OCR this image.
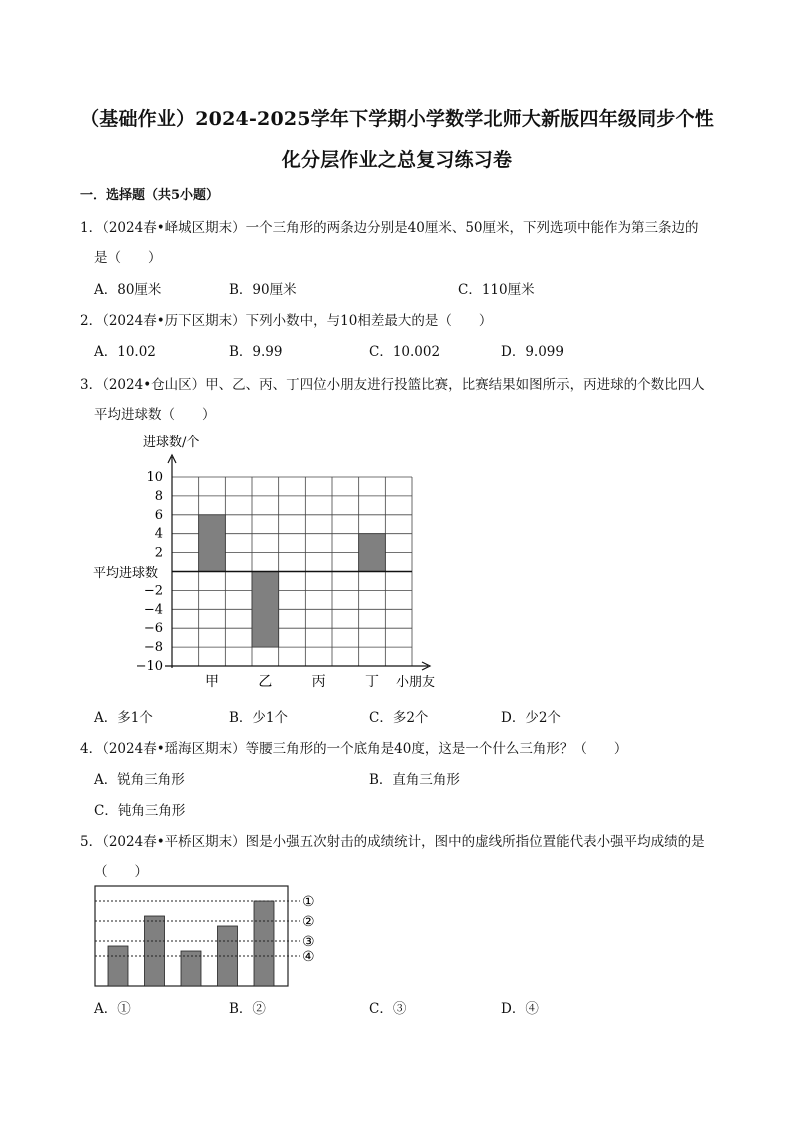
（基础作业）2024-2025学年下学期小学数学北师大新版四年级同步个性
化分层作业之总复习练习卷
一．选择题（共5小题）
1．（2024春•峄城区期末）一个三角形的两条边分别是40厘米、50厘米，下列选项中能作为第三条边的
是（　　）
A．80厘米	B．90厘米	C．110厘米
2．（2024春•历下区期末）下列小数中，与10相差最大的是（　　）
A．10.02	B．9.99	C．10.002	D．9.099
3．（2024•仓山区）甲、乙、丙、丁四位小朋友进行投篮比赛，比赛结果如图所示，丙进球的个数比四人
平均进球数（　　）
进球数/个
小朋友
平均进球数
10
8
6
4
2
−2
−4
−6
−8
−10
甲	乙	丙	丁
A．多1个	B．少1个	C．多2个	D．少2个
4．（2024春•瑶海区期末）等腰三角形的一个底角是40度，这是一个什么三角形？（　　）
A．锐角三角形	B．直角三角形
C．钝角三角形
5．（2024春•平桥区期末）图是小强五次射击的成绩统计，图中的虚线所指位置能代表小强平均成绩的是
（　　）
①
②
③
④
A．①	B．②	C．③	D．④
